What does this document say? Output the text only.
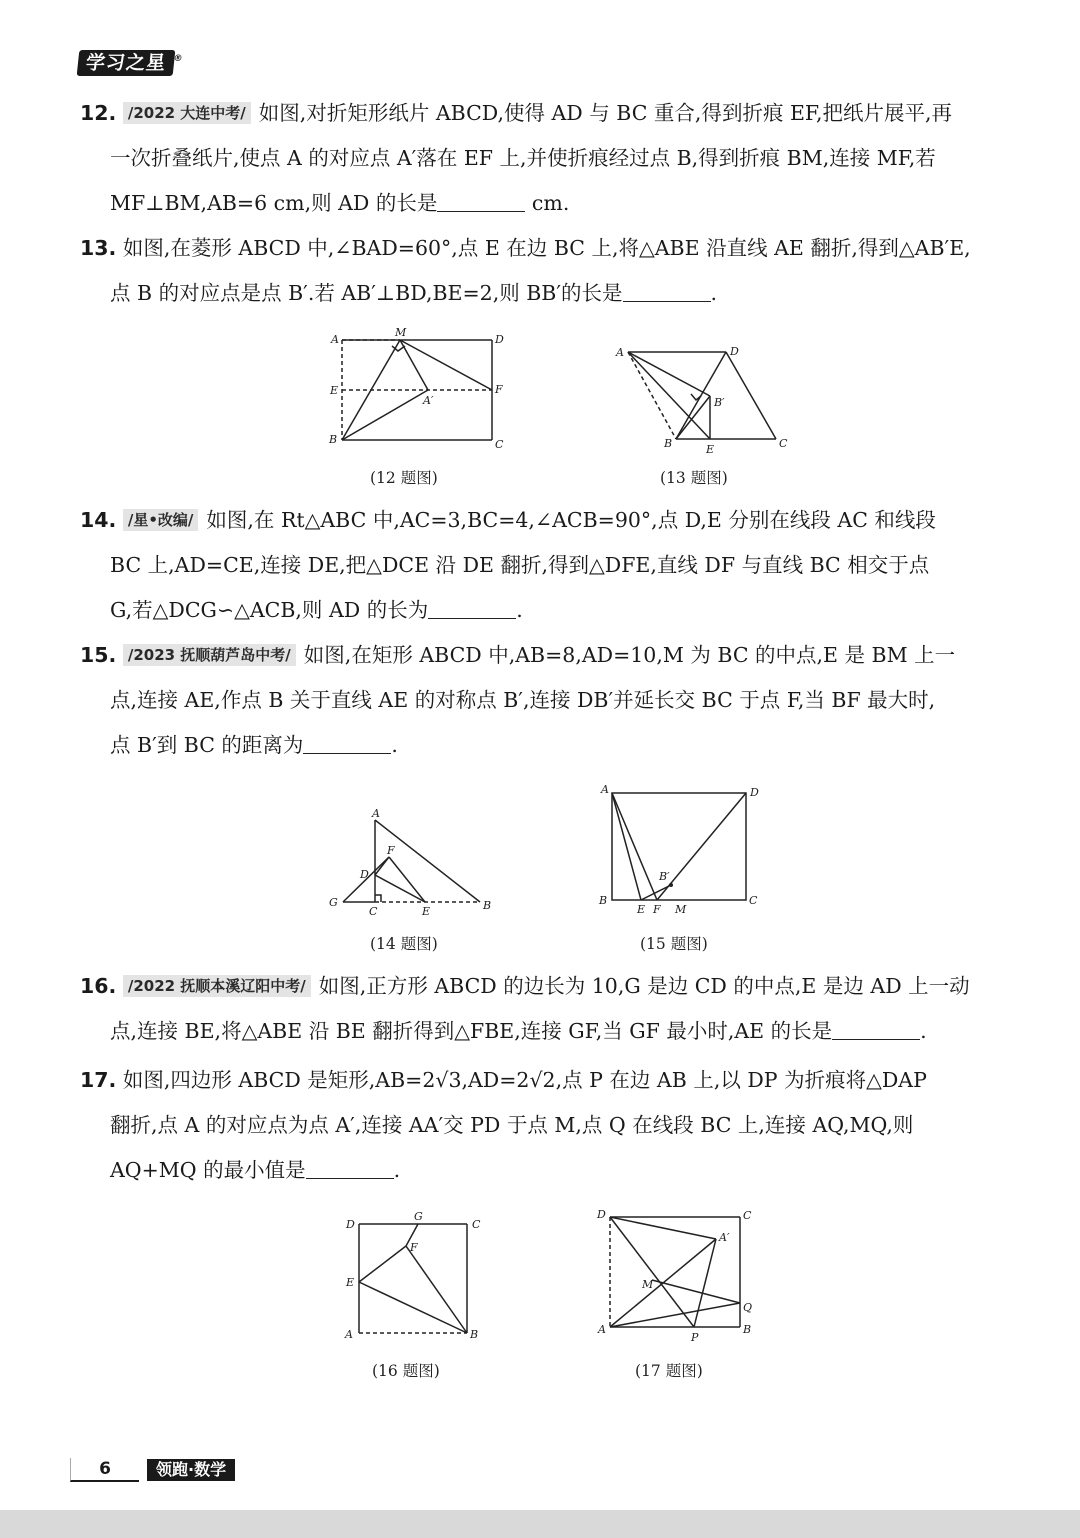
学习之星 ®
12. /2022 大连中考/ 如图,对折矩形纸片 ABCD,使得 AD 与 BC 重合,得到折痕 EF,把纸片展平,再
一次折叠纸片,使点 A 的对应点 A′落在 EF 上,并使折痕经过点 B,得到折痕 BM,连接 MF,若
MF⊥BM,AB=6 cm,则 AD 的长是	cm.
13. 如图,在菱形 ABCD 中,∠BAD=60°,点 E 在边 BC 上,将△ABE 沿直线 AE 翻折,得到△AB′E,
点 B 的对应点是点 B′.若 AB′⊥BD,BE=2,则 BB′的长是	.
A
M
D
E
A′
F
B	C
(12 题图)
A	D
B′
B	E	C
(13 题图)
14. /星•改编/ 如图,在 Rt△ABC 中,AC=3,BC=4,∠ACB=90°,点 D,E 分别在线段 AC 和线段
BC 上,AD=CE,连接 DE,把△DCE 沿 DE 翻折,得到△DFE,直线 DF 与直线 BC 相交于点
G,若△DCG∽△ACB,则 AD 的长为	.
15. /2023 抚顺葫芦岛中考/ 如图,在矩形 ABCD 中,AB=8,AD=10,M 为 BC 的中点,E 是 BM 上一
点,连接 AE,作点 B 关于直线 AE 的对称点 B′,连接 DB′并延长交 BC 于点 F,当 BF 最大时,
点 B′到 BC 的距离为	.
A
F
D
G
C	E	B
(14 题图)
A	D
B′
B
E F M
C
(15 题图)
16. /2022 抚顺本溪辽阳中考/ 如图,正方形 ABCD 的边长为 10,G 是边 CD 的中点,E 是边 AD 上一动
点,连接 BE,将△ABE 沿 BE 翻折得到△FBE,连接 GF,当 GF 最小时,AE 的长是	.
17. 如图,四边形 ABCD 是矩形,AB=2√3,AD=2√2,点 P 在边 AB 上,以 DP 为折痕将△DAP
翻折,点 A 的对应点为点 A′,连接 AA′交 PD 于点 M,点 Q 在线段 BC 上,连接 AQ,MQ,则
AQ+MQ 的最小值是	.
D
G
C
F
E
A	B
(16 题图)
D	C
A′
M
Q
A
P
B
(17 题图)
6	领跑·数学
